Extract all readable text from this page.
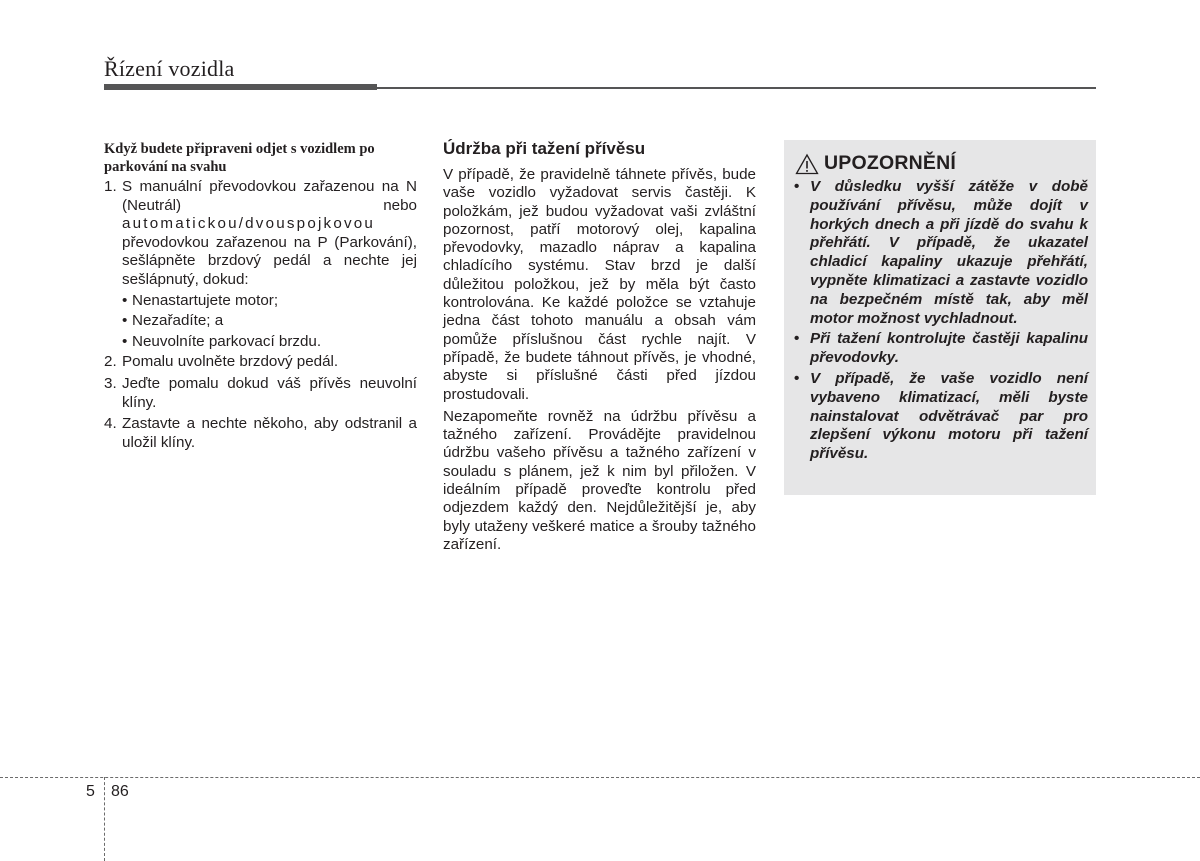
Řízení vozidla
Když budete připraveni odjet s vozidlem po parkování na svahu
1. S manuální převodovkou zařazenou na N (Neutrál) nebo automatickou/dvouspojkovou převodovkou zařazenou na P (Parkování), sešlápněte brzdový pedál a nechte jej sešlápnutý, dokud:
• Nenastartujete motor;
• Nezařadíte; a
• Neuvolníte parkovací brzdu.
2. Pomalu uvolněte brzdový pedál.
3. Jeďte pomalu dokud váš přívěs neuvolní klíny.
4. Zastavte a nechte někoho, aby odstranil a uložil klíny.
Údržba při tažení přívěsu

V případě, že pravidelně táhnete přívěs, bude vaše vozidlo vyžadovat servis častěji. K položkám, jež budou vyžadovat vaši zvláštní pozornost, patří motorový olej, kapalina převodovky, mazadlo náprav a kapalina chladícího systému. Stav brzd je další důležitou položkou, jež by měla být často kontrolována. Ke každé položce se vztahuje jedna část tohoto manuálu a obsah vám pomůže příslušnou část rychle najít. V případě, že budete táhnout přívěs, je vhodné, abyste si příslušné části před jízdou prostudovali.

Nezapomeňte rovněž na údržbu přívěsu a tažného zařízení. Provádějte pravidelnou údržbu vašeho přívěsu a tažného zařízení v souladu s plánem, jež k nim byl přiložen. V ideálním případě proveďte kontrolu před odjezdem každý den. Nejdůležitější je, aby byly utaženy veškeré matice a šrouby tažného zařízení.

UPOZORNĚNÍ
• V důsledku vyšší zátěže v době používání přívěsu, může dojít v horkých dnech a při jízdě do svahu k přehřátí. V případě, že ukazatel chladicí kapaliny ukazuje přehřátí, vypněte klimatizaci a zastavte vozidlo na bezpečném místě tak, aby měl motor možnost vychladnout.
• Při tažení kontrolujte častěji kapalinu převodovky.
• V případě, že vaše vozidlo není vybaveno klimatizací, měli byste nainstalovat odvětrávač par pro zlepšení výkonu motoru při tažení přívěsu.
5 86
